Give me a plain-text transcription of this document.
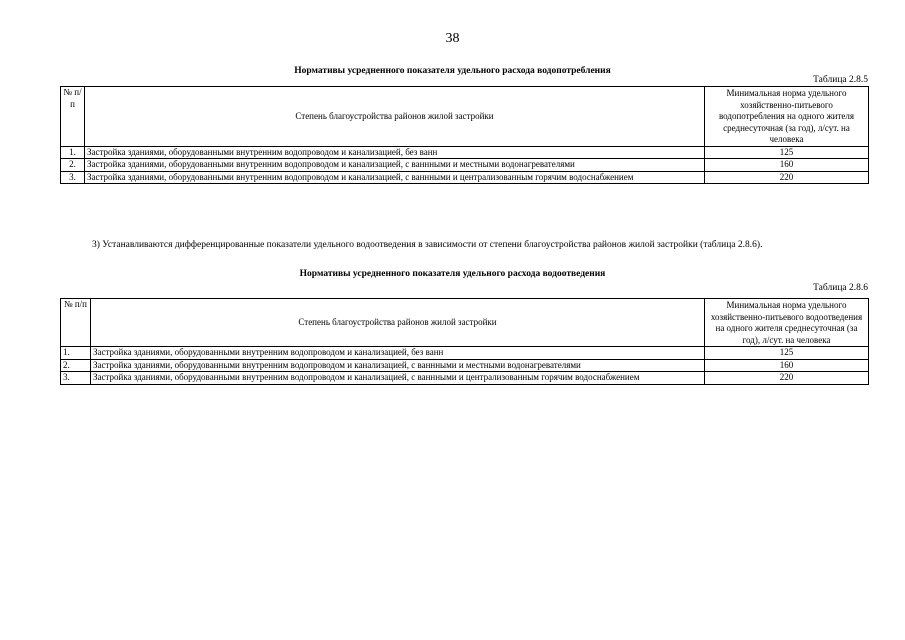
38
Нормативы усредненного показателя удельного расхода водопотребления
Таблица 2.8.5
№ п/п	Степень благоустройства районов жилой застройки	Минимальная норма удельного хозяйственно-питьевого водопотребления на одного жителя среднесуточная (за год), л/сут. на человека
1.	Застройка зданиями, оборудованными внутренним водопроводом и канализацией, без ванн	125
2.	Застройка зданиями, оборудованными внутренним водопроводом и канализацией, с ваннными и местными водонагревателями	160
3.	Застройка зданиями, оборудованными внутренним водопроводом и канализацией, с ваннными и централизованным горячим водоснабжением	220
3) Устанавливаются дифференцированные показатели удельного водоотведения в зависимости от степени благоустройства районов жилой застройки (таблица 2.8.6).
Нормативы усредненного показателя удельного расхода водоотведения
Таблица 2.8.6
№ п/п	Степень благоустройства районов жилой застройки	Минимальная норма удельного хозяйственно-питьевого водоотведения на одного жителя среднесуточная (за год), л/сут. на человека
1.	Застройка зданиями, оборудованными внутренним водопроводом и канализацией, без ванн	125
2.	Застройка зданиями, оборудованными внутренним водопроводом и канализацией, с ваннными и местными водонагревателями	160
3.	Застройка зданиями, оборудованными внутренним водопроводом и канализацией, с ваннными и централизованным горячим водоснабжением	220
